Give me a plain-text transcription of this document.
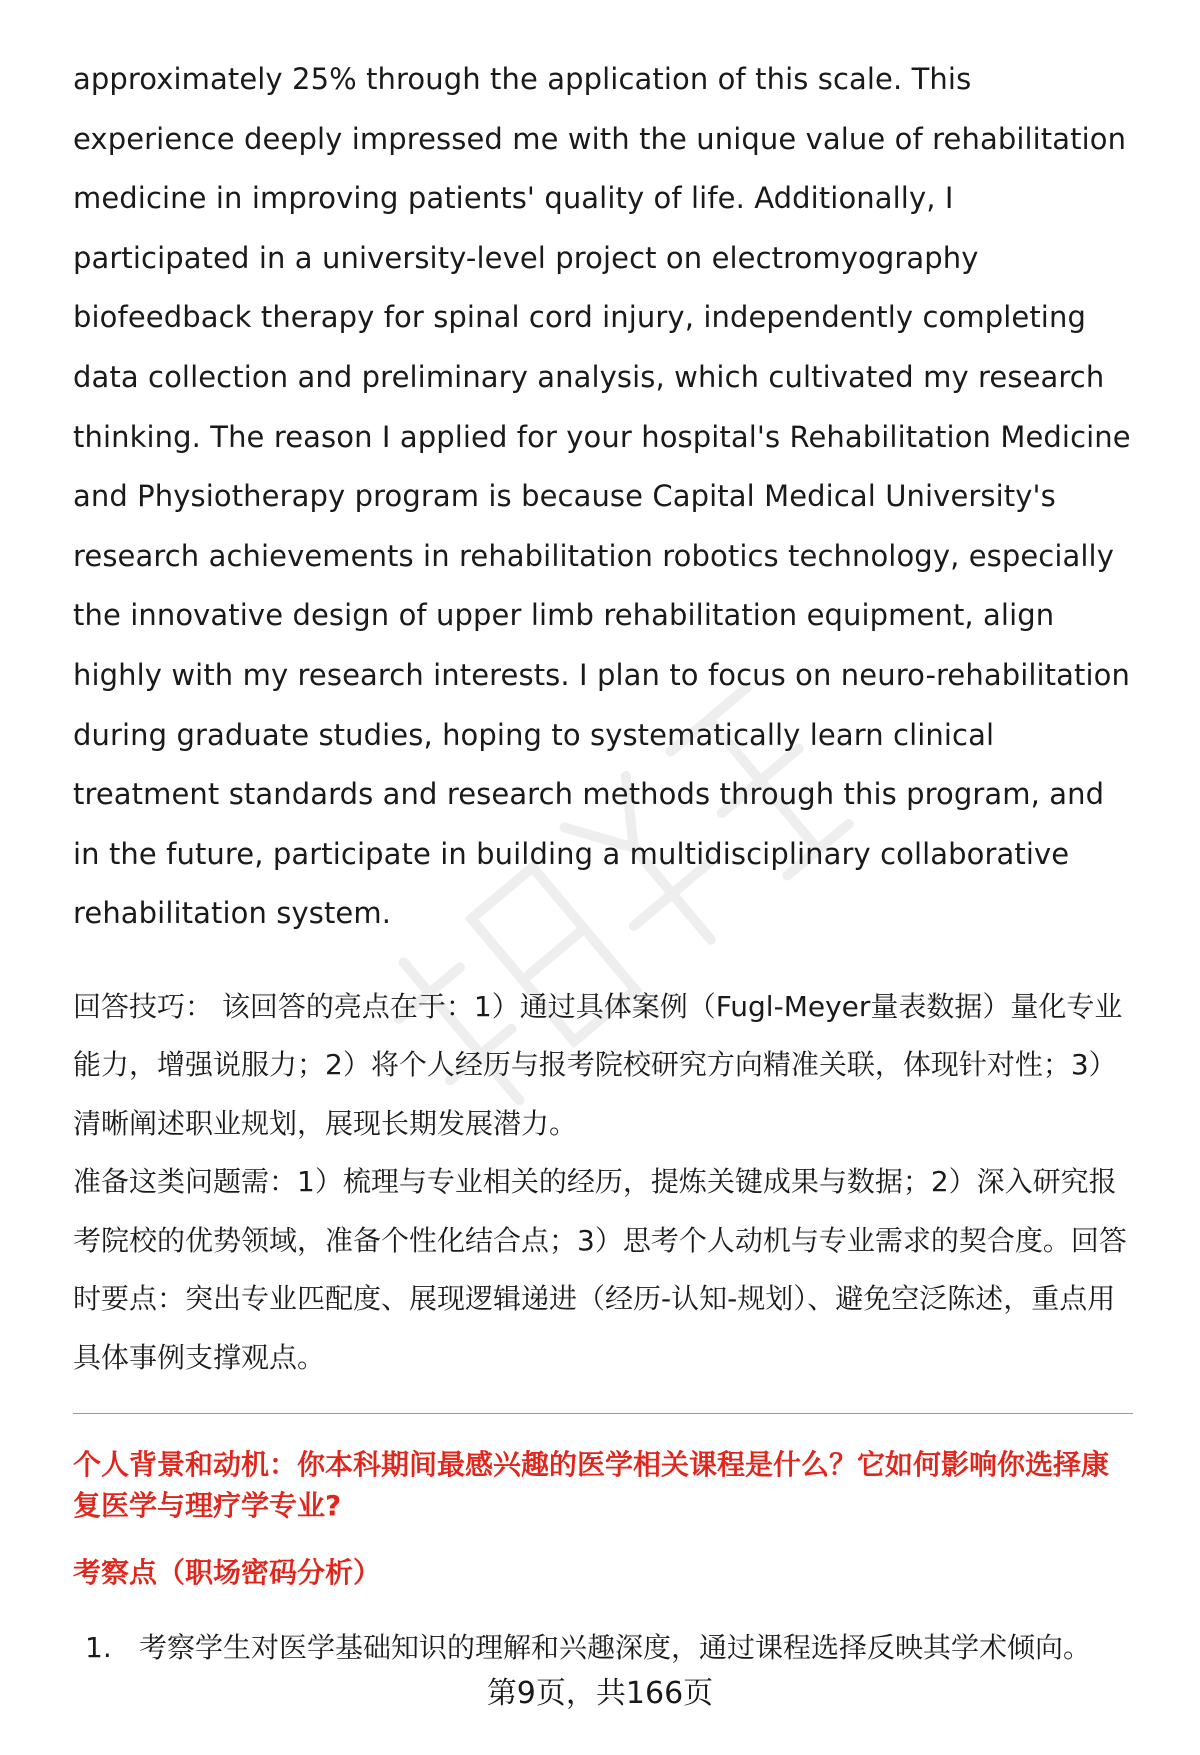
approximately 25% through the application of this scale. This experience deeply impressed me with the unique value of rehabilitation medicine in improving patients' quality of life. Additionally, I participated in a university-level project on electromyography biofeedback therapy for spinal cord injury, independently completing data collection and preliminary analysis, which cultivated my research thinking. The reason I applied for your hospital's Rehabilitation Medicine and Physiotherapy program is because Capital Medical University's research achievements in rehabilitation robotics technology, especially the innovative design of upper limb rehabilitation equipment, align highly with my research interests. I plan to focus on neuro-rehabilitation during graduate studies, hoping to systematically learn clinical treatment standards and research methods through this program, and in the future, participate in building a multidisciplinary collaborative rehabilitation system.

回答技巧： 该回答的亮点在于：1）通过具体案例（Fugl-Meyer量表数据）量化专业能力，增强说服力；2）将个人经历与报考院校研究方向精准关联，体现针对性；3）清晰阐述职业规划，展现长期发展潜力。

准备这类问题需：1）梳理与专业相关的经历，提炼关键成果与数据；2）深入研究报考院校的优势领域，准备个性化结合点；3）思考个人动机与专业需求的契合度。回答时要点：突出专业匹配度、展现逻辑递进（经历-认知-规划）、避免空泛陈述，重点用具体事例支撑观点。

个人背景和动机：你本科期间最感兴趣的医学相关课程是什么？它如何影响你选择康复医学与理疗学专业?
考察点（职场密码分析）
1. 考察学生对医学基础知识的理解和兴趣深度，通过课程选择反映其学术倾向。
第9页，共166页
